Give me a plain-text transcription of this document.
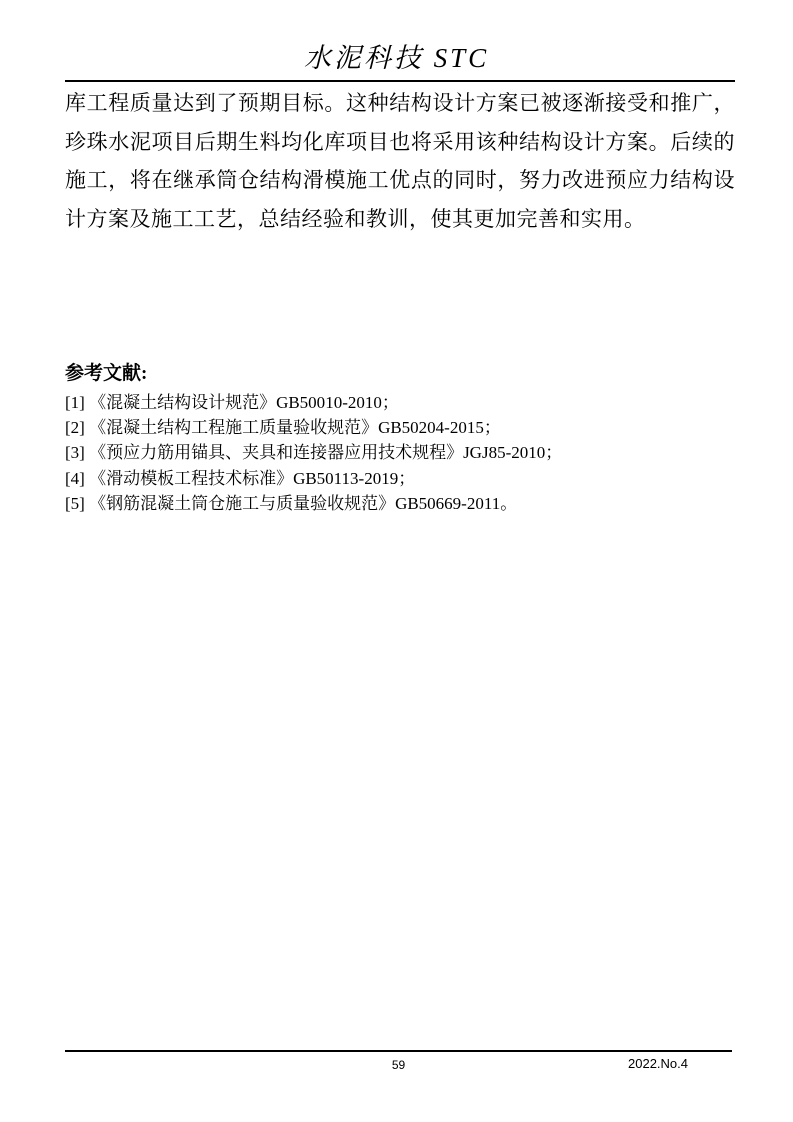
水泥科技 STC

库工程质量达到了预期目标。这种结构设计方案已被逐渐接受和推广，珍珠水泥项目后期生料均化库项目也将采用该种结构设计方案。后续的施工，将在继承筒仓结构滑模施工优点的同时，努力改进预应力结构设计方案及施工工艺，总结经验和教训，使其更加完善和实用。

参考文献:
[1] 《混凝土结构设计规范》GB50010-2010；
[2] 《混凝土结构工程施工质量验收规范》GB50204-2015；
[3] 《预应力筋用锚具、夹具和连接器应用技术规程》JGJ85-2010；
[4] 《滑动模板工程技术标准》GB50113-2019；
[5] 《钢筋混凝土筒仓施工与质量验收规范》GB50669-2011。
59	2022.No.4
